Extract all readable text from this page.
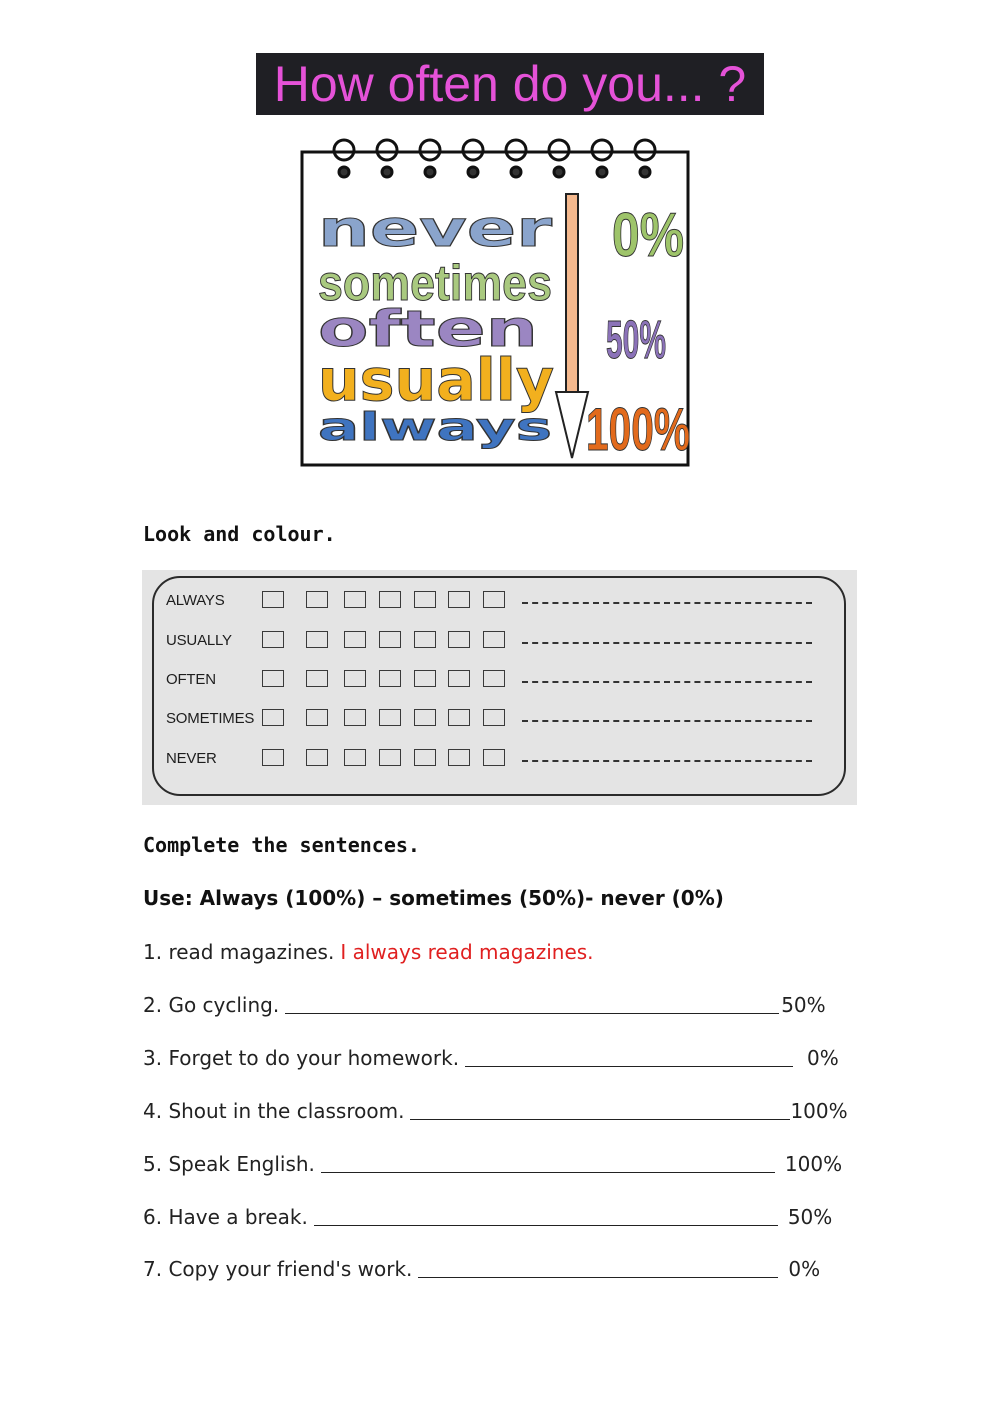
How often do you... ?
never
sometimes
often
usually
always
0%
50%
100%
Look and colour.
ALWAYS
USUALLY
OFTEN
SOMETIMES
NEVER
Complete the sentences.
Use: Always (100%) – sometimes (50%)- never (0%)
1. read magazines. I always read magazines.
2. Go cycling.	50%
3. Forget to do your homework.	0%
4. Shout in the classroom.	100%
5. Speak English.	100%
6. Have a break.	50%
7. Copy your friend's work.	0%
